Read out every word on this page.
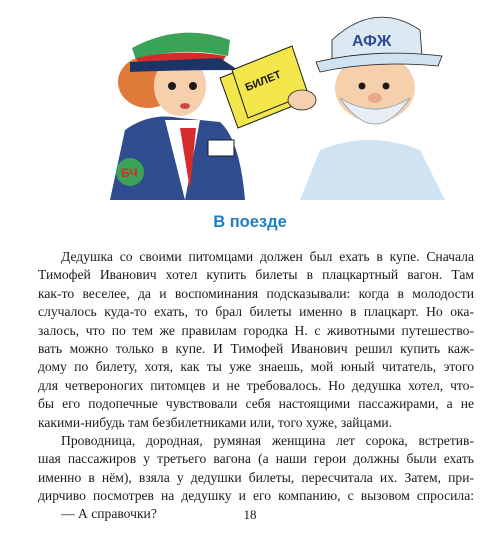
БЧ
БИЛЕТ
АФЖ
В поезде
Дедушка со своими питомцами должен был ехать в купе. Сначала
Тимофей Иванович хотел купить билеты в плацкартный вагон. Там
как-то веселее, да и воспоминания подсказывали: когда в молодости
случалось куда-то ехать, то брал билеты именно в плацкарт. Но ока-
залось, что по тем же правилам городка Н. с животными путешество-
вать можно только в купе. И Тимофей Иванович решил купить каж-
дому по билету, хотя, как ты уже знаешь, мой юный читатель, этого
для четвероногих питомцев и не требовалось. Но дедушка хотел, что-
бы его подопечные чувствовали себя настоящими пассажирами, а не
какими-нибудь там безбилетниками или, того хуже, зайцами.
Проводница, дородная, румяная женщина лет сорока, встретив-
шая пассажиров у третьего вагона (а наши герои должны были ехать
именно в нём), взяла у дедушки билеты, пересчитала их. Затем, при-
дирчиво посмотрев на дедушку и его компанию, с вызовом спросила:
— А справочки?	18
